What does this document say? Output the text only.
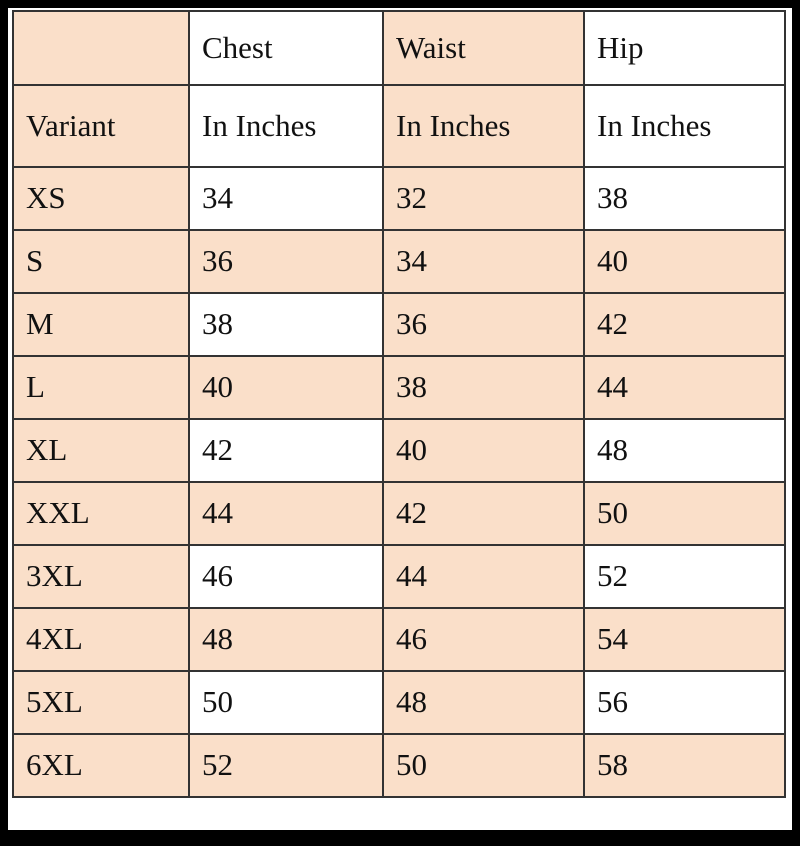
	Chest	Waist	Hip
Variant	In Inches	In Inches	In Inches
XS	34	32	38
S	36	34	40
M	38	36	42
L	40	38	44
XL	42	40	48
XXL	44	42	50
3XL	46	44	52
4XL	48	46	54
5XL	50	48	56
6XL	52	50	58
